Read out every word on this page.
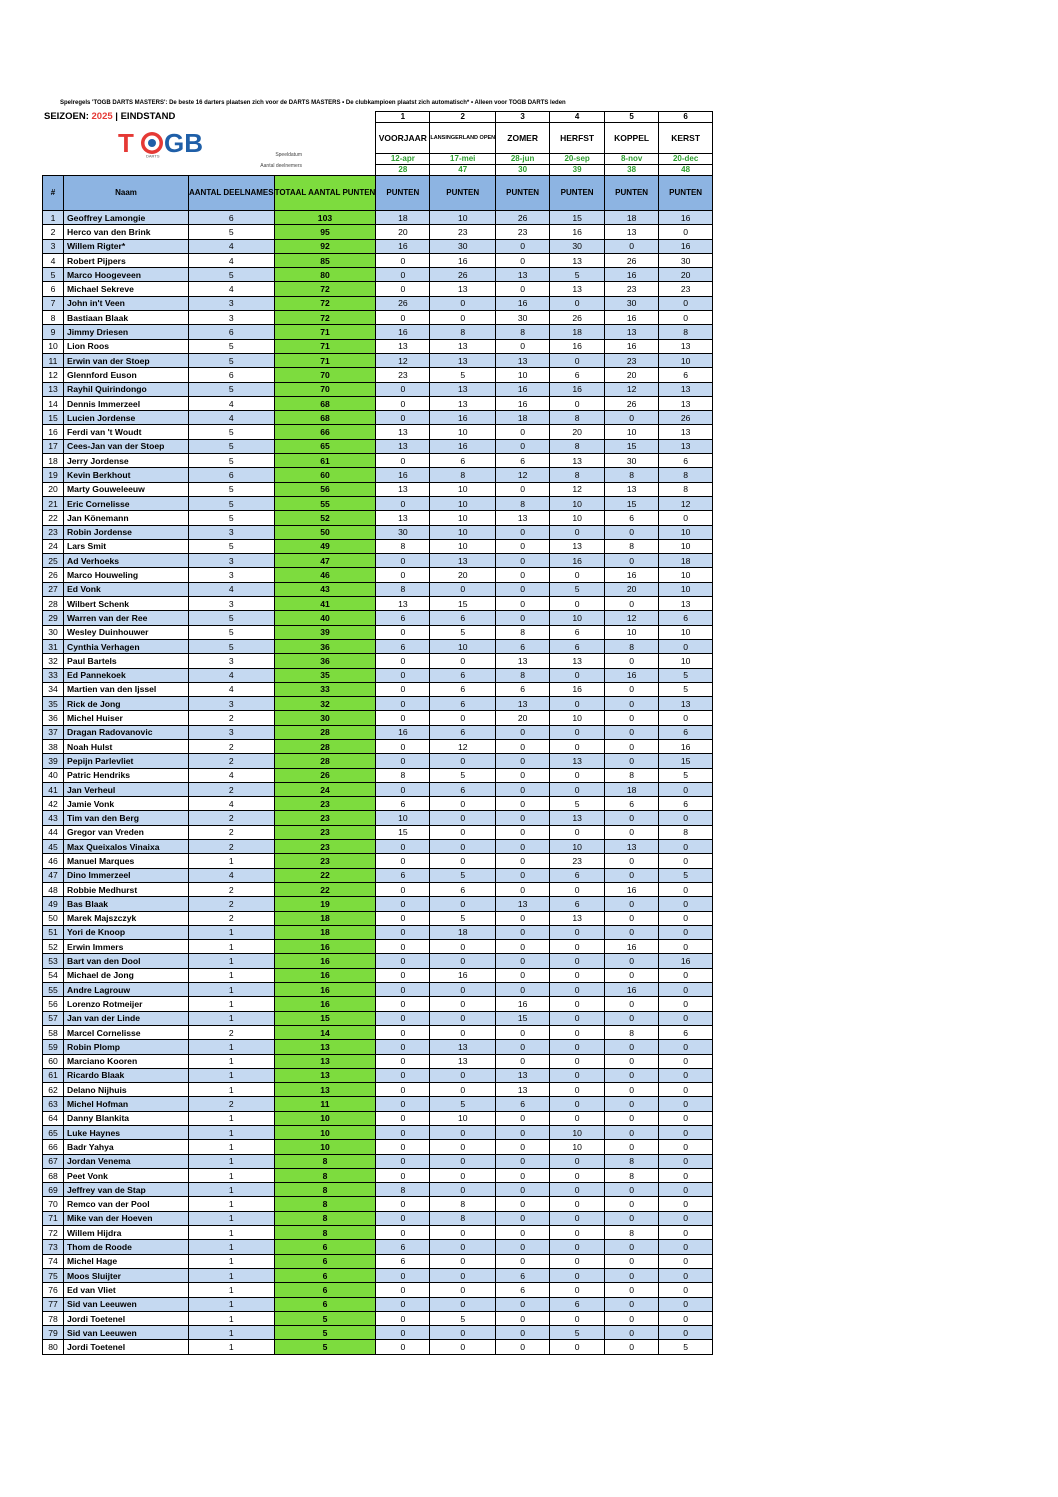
Spelregels 'TOGB DARTS MASTERS': De beste 16 darters plaatsen zich voor de DARTS MASTERS • De clubkampioen plaatst zich automatisch* • Alleen voor TOGB DARTS leden
				1	2	3	4	5	6
				VOORJAAR	LANSINGERLAND OPEN	ZOMER	HERFST	KOPPEL	KERST
				12-apr	17-mei	28-jun	20-sep	8-nov	20-dec
				28	47	30	39	38	48
#	Naam	AANTAL DEELNAMES	TOTAAL AANTAL PUNTEN	PUNTEN	PUNTEN	PUNTEN	PUNTEN	PUNTEN	PUNTEN
1	Geoffrey Lamongie	6	103	18	10	26	15	18	16
2	Herco van den Brink	5	95	20	23	23	16	13	0
3	Willem Rigter*	4	92	16	30	0	30	0	16
4	Robert Pijpers	4	85	0	16	0	13	26	30
5	Marco Hoogeveen	5	80	0	26	13	5	16	20
6	Michael Sekreve	4	72	0	13	0	13	23	23
7	John in't Veen	3	72	26	0	16	0	30	0
8	Bastiaan Blaak	3	72	0	0	30	26	16	0
9	Jimmy Driesen	6	71	16	8	8	18	13	8
10	Lion Roos	5	71	13	13	0	16	16	13
11	Erwin van der Stoep	5	71	12	13	13	0	23	10
12	Glennford Euson	6	70	23	5	10	6	20	6
13	Rayhil Quirindongo	5	70	0	13	16	16	12	13
14	Dennis Immerzeel	4	68	0	13	16	0	26	13
15	Lucien Jordense	4	68	0	16	18	8	0	26
16	Ferdi van 't Woudt	5	66	13	10	0	20	10	13
17	Cees-Jan van der Stoep	5	65	13	16	0	8	15	13
18	Jerry Jordense	5	61	0	6	6	13	30	6
19	Kevin Berkhout	6	60	16	8	12	8	8	8
20	Marty Gouweleeuw	5	56	13	10	0	12	13	8
21	Eric Cornelisse	5	55	0	10	8	10	15	12
22	Jan Könemann	5	52	13	10	13	10	6	0
23	Robin Jordense	3	50	30	10	0	0	0	10
24	Lars Smit	5	49	8	10	0	13	8	10
25	Ad Verhoeks	3	47	0	13	0	16	0	18
26	Marco Houweling	3	46	0	20	0	0	16	10
27	Ed Vonk	4	43	8	0	0	5	20	10
28	Wilbert Schenk	3	41	13	15	0	0	0	13
29	Warren van der Ree	5	40	6	6	0	10	12	6
30	Wesley Duinhouwer	5	39	0	5	8	6	10	10
31	Cynthia Verhagen	5	36	6	10	6	6	8	0
32	Paul Bartels	3	36	0	0	13	13	0	10
33	Ed Pannekoek	4	35	0	6	8	0	16	5
34	Martien van den Ijssel	4	33	0	6	6	16	0	5
35	Rick de Jong	3	32	0	6	13	0	0	13
36	Michel Huiser	2	30	0	0	20	10	0	0
37	Dragan Radovanovic	3	28	16	6	0	0	0	6
38	Noah Hulst	2	28	0	12	0	0	0	16
39	Pepijn Parlevliet	2	28	0	0	0	13	0	15
40	Patric Hendriks	4	26	8	5	0	0	8	5
41	Jan Verheul	2	24	0	6	0	0	18	0
42	Jamie Vonk	4	23	6	0	0	5	6	6
43	Tim van den Berg	2	23	10	0	0	13	0	0
44	Gregor van Vreden	2	23	15	0	0	0	0	8
45	Max Queixalos Vinaixa	2	23	0	0	0	10	13	0
46	Manuel Marques	1	23	0	0	0	23	0	0
47	Dino Immerzeel	4	22	6	5	0	6	0	5
48	Robbie Medhurst	2	22	0	6	0	0	16	0
49	Bas Blaak	2	19	0	0	13	6	0	0
50	Marek Majszczyk	2	18	0	5	0	13	0	0
51	Yori de Knoop	1	18	0	18	0	0	0	0
52	Erwin Immers	1	16	0	0	0	0	16	0
53	Bart van den Dool	1	16	0	0	0	0	0	16
54	Michael de Jong	1	16	0	16	0	0	0	0
55	Andre Lagrouw	1	16	0	0	0	0	16	0
56	Lorenzo Rotmeijer	1	16	0	0	16	0	0	0
57	Jan van der Linde	1	15	0	0	15	0	0	0
58	Marcel Cornelisse	2	14	0	0	0	0	8	6
59	Robin Plomp	1	13	0	13	0	0	0	0
60	Marciano Kooren	1	13	0	13	0	0	0	0
61	Ricardo Blaak	1	13	0	0	13	0	0	0
62	Delano Nijhuis	1	13	0	0	13	0	0	0
63	Michel Hofman	2	11	0	5	6	0	0	0
64	Danny Blankita	1	10	0	10	0	0	0	0
65	Luke Haynes	1	10	0	0	0	10	0	0
66	Badr Yahya	1	10	0	0	0	10	0	0
67	Jordan Venema	1	8	0	0	0	0	8	0
68	Peet Vonk	1	8	0	0	0	0	8	0
69	Jeffrey van de Stap	1	8	8	0	0	0	0	0
70	Remco van der Pool	1	8	0	8	0	0	0	0
71	Mike van der Hoeven	1	8	0	8	0	0	0	0
72	Willem Hijdra	1	8	0	0	0	0	8	0
73	Thom de Roode	1	6	6	0	0	0	0	0
74	Michel Hage	1	6	6	0	0	0	0	0
75	Moos Sluijter	1	6	0	0	6	0	0	0
76	Ed van Vliet	1	6	0	0	6	0	0	0
77	Sid van Leeuwen	1	6	0	0	0	6	0	0
78	Jordi Toetenel	1	5	0	5	0	0	0	0
79	Sid van Leeuwen	1	5	0	0	0	5	0	0
80	Jordi Toetenel	1	5	0	0	0	0	0	5
SEIZOEN: 2025 | EINDSTAND
T GB
DARTS	Speeldatum
Aantal deelnemers
